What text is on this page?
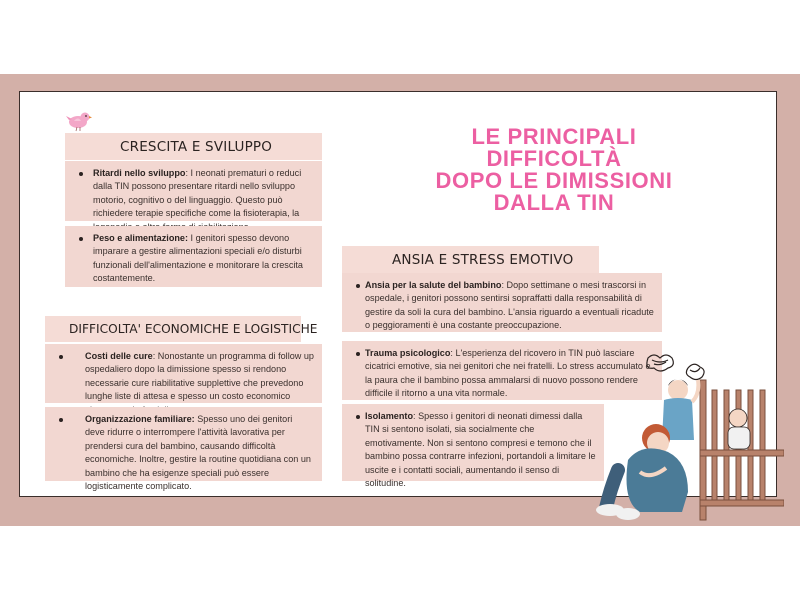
LE PRINCIPALI
DIFFICOLTÀ
DOPO LE DIMISSIONI
DALLA TIN
CRESCITA E SVILUPPO
Ritardi nello sviluppo: I neonati prematuri o reduci dalla TIN possono presentare ritardi nello sviluppo motorio, cognitivo o del linguaggio. Questo può richiedere terapie specifiche come la fisioterapia, la
Peso e alimentazione: I genitori spesso devono imparare a gestire alimentazioni speciali e/o disturbi funzionali dell'alimentazione e monitorare la crescita costantemente.
DIFFICOLTA' ECONOMICHE E LOGISTICHE
Costi delle cure: Nonostante un programma di follow up ospedaliero dopo la dimissione spesso si rendono necessarie cure riabilitative supplettive che prevedono lunghe liste di attesa e spesso un costo economico
Organizzazione familiare: Spesso uno dei genitori deve ridurre o interrompere l'attività lavorativa per prendersi cura del bambino, causando difficoltà economiche. Inoltre, gestire la routine quotidiana con un bambino che ha esigenze speciali può essere logisticamente complicato.
ANSIA E STRESS EMOTIVO
Ansia per la salute del bambino: Dopo settimane o mesi trascorsi in ospedale, i genitori possono sentirsi sopraffatti dalla responsabilità di gestire da soli la cura del bambino. L'ansia riguardo a eventuali ricadute o peggioramenti è una costante preoccupazione.
Trauma psicologico: L'esperienza del ricovero in TIN può lasciare cicatrici emotive, sia nei genitori che nei fratelli. Lo stress accumulato e la paura che il bambino possa ammalarsi di nuovo possono rendere difficile il ritorno a una vita normale.
Isolamento: Spesso i genitori di neonati dimessi dalla TIN si sentono isolati, sia socialmente che emotivamente. Non si sentono compresi e temono che il bambino possa contrarre infezioni, portandoli a limitare le uscite e i contatti sociali, aumentando il senso di solitudine.
